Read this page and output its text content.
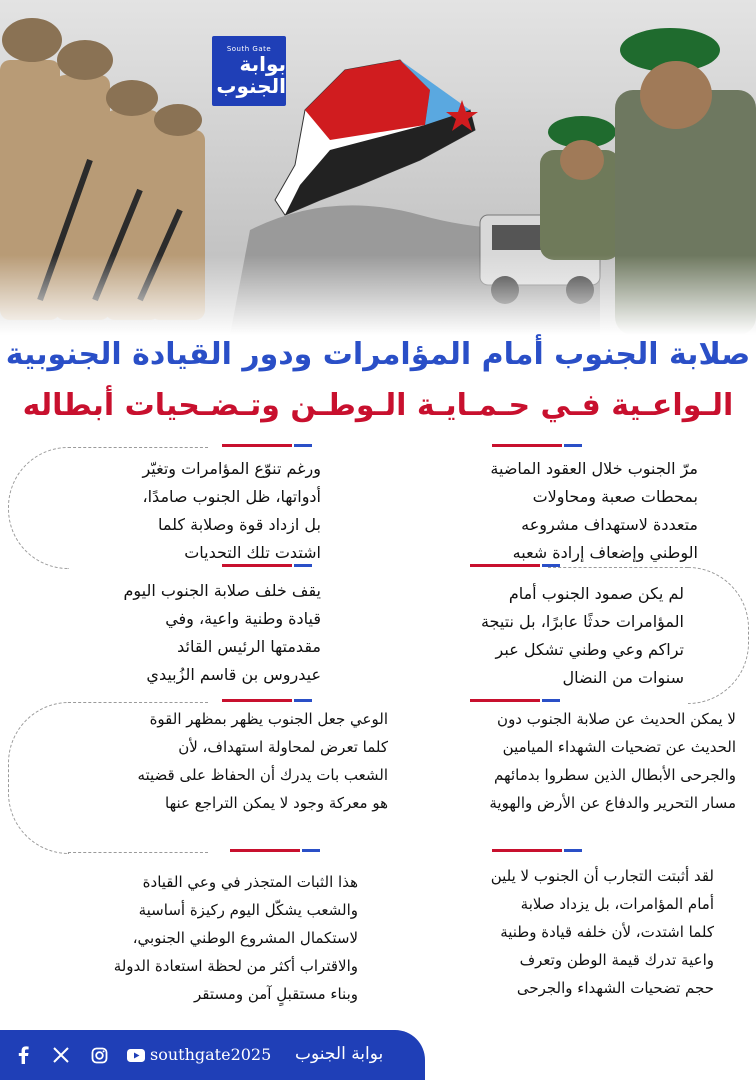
South Gate
بوابة الجنوب
صلابة الجنوب أمام المؤامرات ودور القيادة الجنوبية
الـواعـية فـي حـمـايـة الـوطـن وتـضـحيات أبطاله
مرّ الجنوب خلال العقود الماضية
بمحطات صعبة ومحاولات
متعددة لاستهداف مشروعه
الوطني وإضعاف إرادة شعبه
ورغم تنوّع المؤامرات وتغيّر
أدواتها، ظل الجنوب صامدًا،
بل ازداد قوة وصلابة كلما
اشتدت تلك التحديات
لم يكن صمود الجنوب أمام
المؤامرات حدثًا عابرًا، بل نتيجة
تراكم وعي وطني تشكل عبر
سنوات من النضال
يقف خلف صلابة الجنوب اليوم
قيادة وطنية واعية، وفي
مقدمتها الرئيس القائد
عيدروس بن قاسم الزُبيدي
لا يمكن الحديث عن صلابة الجنوب دون
الحديث عن تضحيات الشهداء الميامين
والجرحى الأبطال الذين سطروا بدمائهم
مسار التحرير والدفاع عن الأرض والهوية
الوعي جعل الجنوب يظهر بمظهر القوة
كلما تعرض لمحاولة استهداف، لأن
الشعب بات يدرك أن الحفاظ على قضيته
هو معركة وجود لا يمكن التراجع عنها
لقد أثبتت التجارب أن الجنوب لا يلين
أمام المؤامرات، بل يزداد صلابة
كلما اشتدت، لأن خلفه قيادة وطنية
واعية تدرك قيمة الوطن وتعرف
حجم تضحيات الشهداء والجرحى
هذا الثبات المتجذر في وعي القيادة
والشعب يشكّل اليوم ركيزة أساسية
لاستكمال المشروع الوطني الجنوبي،
والاقتراب أكثر من لحظة استعادة الدولة
وبناء مستقبلٍ آمن ومستقر
southgate2025 بوابة الجنوب
